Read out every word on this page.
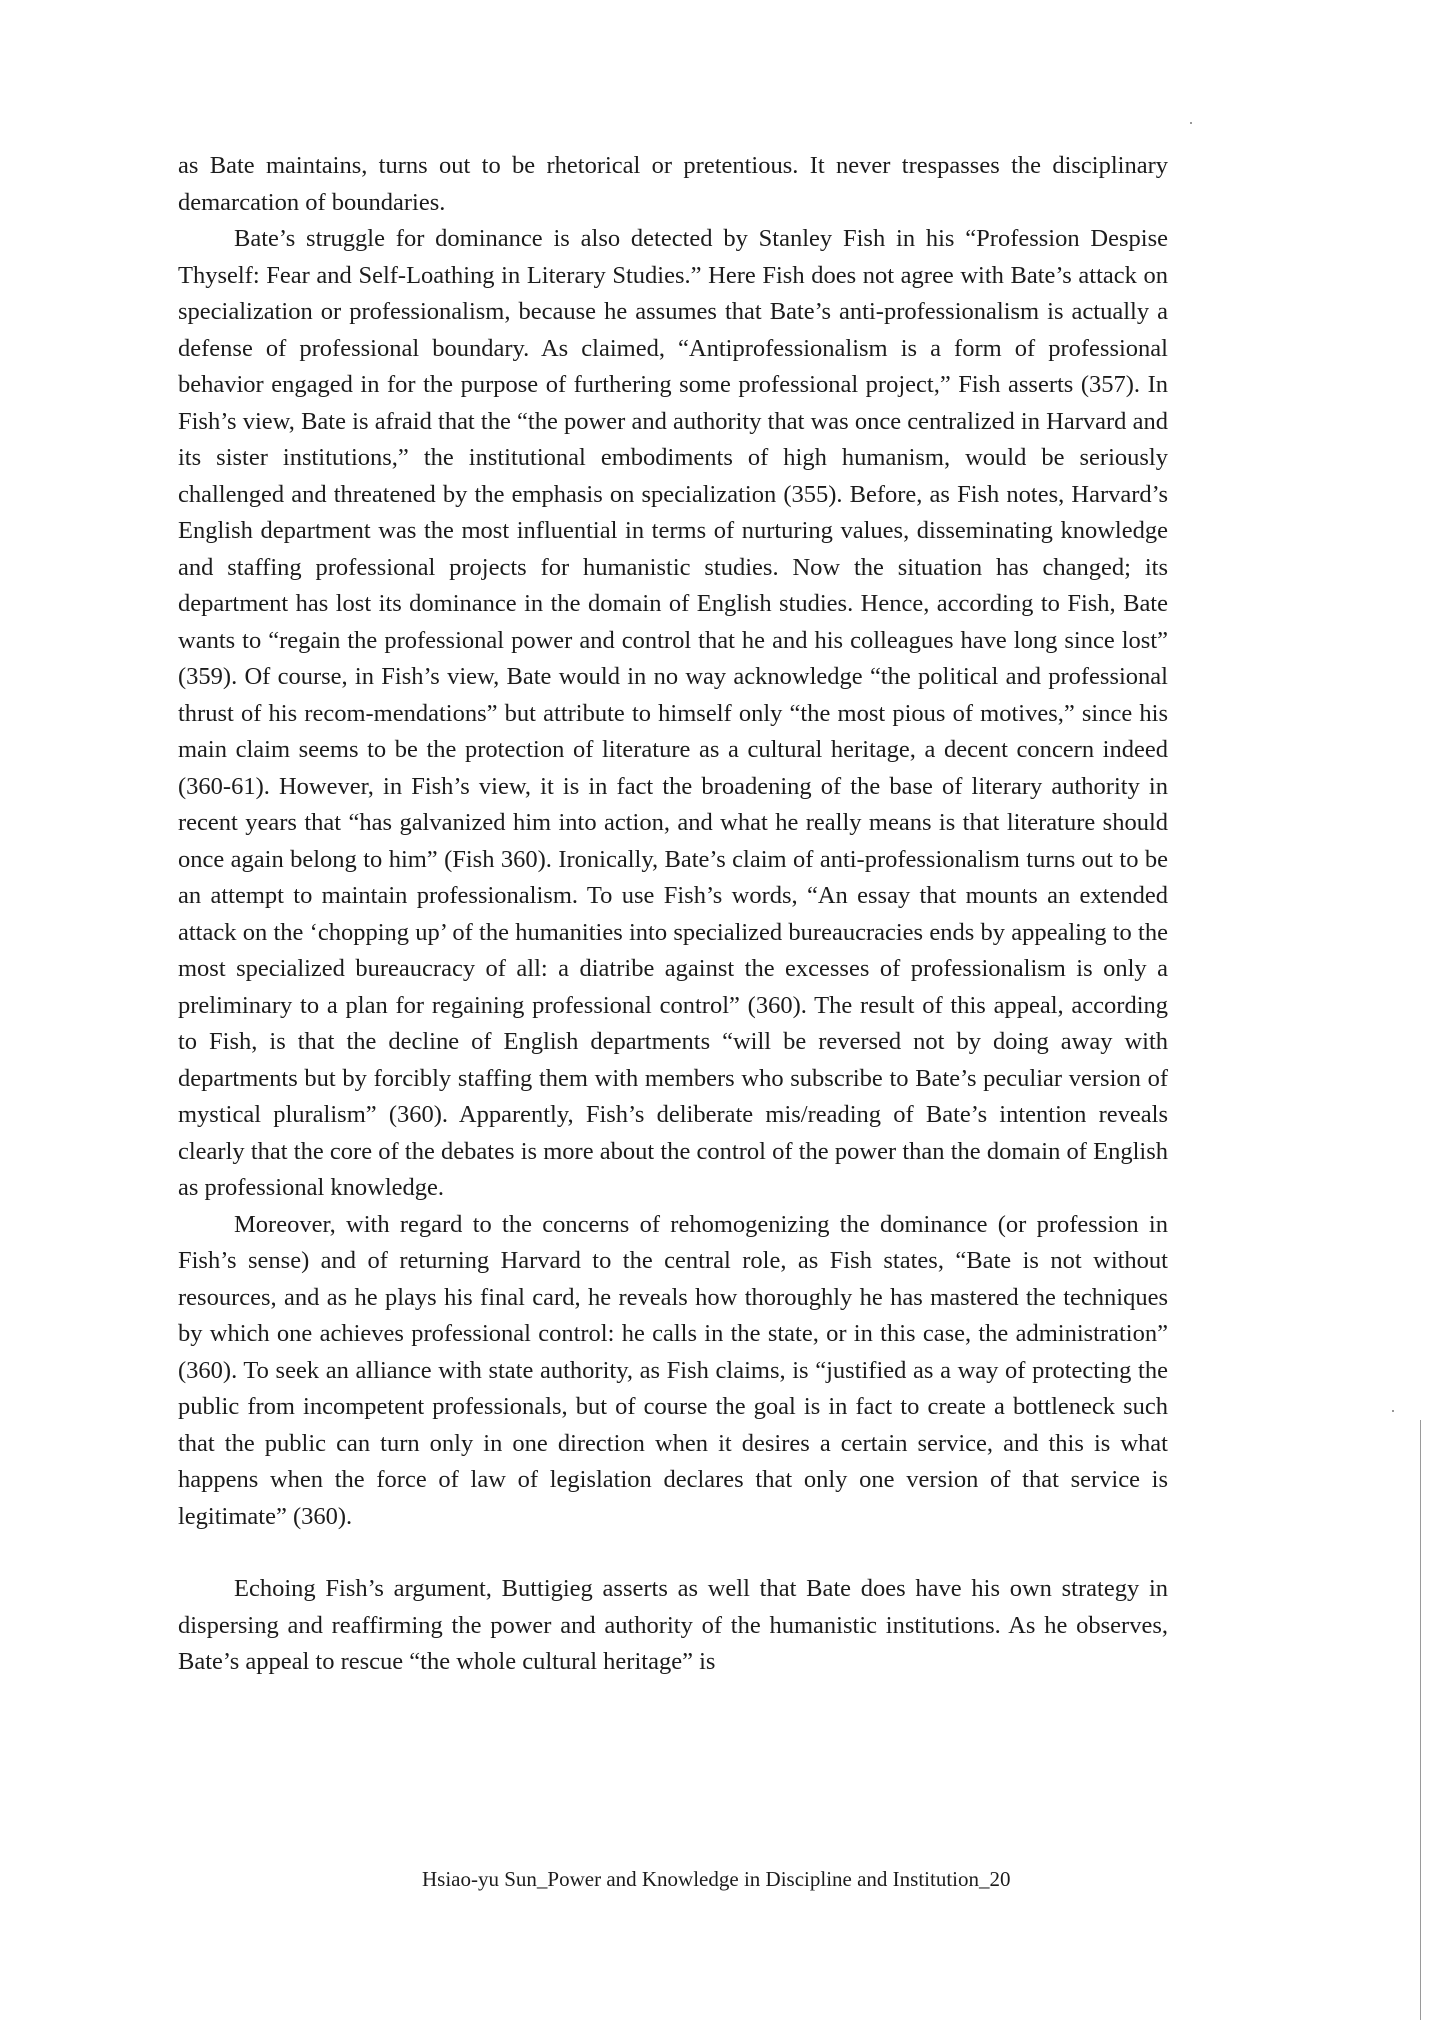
as Bate maintains, turns out to be rhetorical or pretentious. It never trespasses the disciplinary demarcation of boundaries.

Bate’s struggle for dominance is also detected by Stanley Fish in his “Profession Despise Thyself: Fear and Self-Loathing in Literary Studies.” Here Fish does not agree with Bate’s attack on specialization or professionalism, because he assumes that Bate’s anti-professionalism is actually a defense of professional boundary. As claimed, “Antiprofessionalism is a form of professional behavior engaged in for the purpose of furthering some professional project,” Fish asserts (357). In Fish’s view, Bate is afraid that the “the power and authority that was once centralized in Harvard and its sister institutions,” the institutional embodiments of high humanism, would be seriously challenged and threatened by the emphasis on specialization (355). Before, as Fish notes, Harvard’s English department was the most influential in terms of nurturing values, disseminating knowledge and staffing professional projects for humanistic studies. Now the situation has changed; its department has lost its dominance in the domain of English studies. Hence, according to Fish, Bate wants to “regain the professional power and control that he and his colleagues have long since lost” (359). Of course, in Fish’s view, Bate would in no way acknowledge “the political and professional thrust of his recom-mendations” but attribute to himself only “the most pious of motives,” since his main claim seems to be the protection of literature as a cultural heritage, a decent concern indeed (360-61). However, in Fish’s view, it is in fact the broadening of the base of literary authority in recent years that “has galvanized him into action, and what he really means is that literature should once again belong to him” (Fish 360). Ironically, Bate’s claim of anti-professionalism turns out to be an attempt to maintain professionalism. To use Fish’s words, “An essay that mounts an extended attack on the ‘chopping up’ of the humanities into specialized bureaucracies ends by appealing to the most specialized bureaucracy of all: a diatribe against the excesses of professionalism is only a preliminary to a plan for regaining professional control” (360). The result of this appeal, according to Fish, is that the decline of English departments “will be reversed not by doing away with departments but by forcibly staffing them with members who subscribe to Bate’s peculiar version of mystical pluralism” (360). Apparently, Fish’s deliberate mis/reading of Bate’s intention reveals clearly that the core of the debates is more about the control of the power than the domain of English as professional knowledge.

Moreover, with regard to the concerns of rehomogenizing the dominance (or profession in Fish’s sense) and of returning Harvard to the central role, as Fish states, “Bate is not without resources, and as he plays his final card, he reveals how thoroughly he has mastered the techniques by which one achieves professional control: he calls in the state, or in this case, the administration” (360). To seek an alliance with state authority, as Fish claims, is “justified as a way of protecting the public from incompetent professionals, but of course the goal is in fact to create a bottleneck such that the public can turn only in one direction when it desires a certain service, and this is what happens when the force of law of legislation declares that only one version of that service is legitimate” (360).

Echoing Fish’s argument, Buttigieg asserts as well that Bate does have his own strategy in dispersing and reaffirming the power and authority of the humanistic institutions. As he observes, Bate’s appeal to rescue “the whole cultural heritage” is

Hsiao-yu Sun_Power and Knowledge in Discipline and Institution_20
